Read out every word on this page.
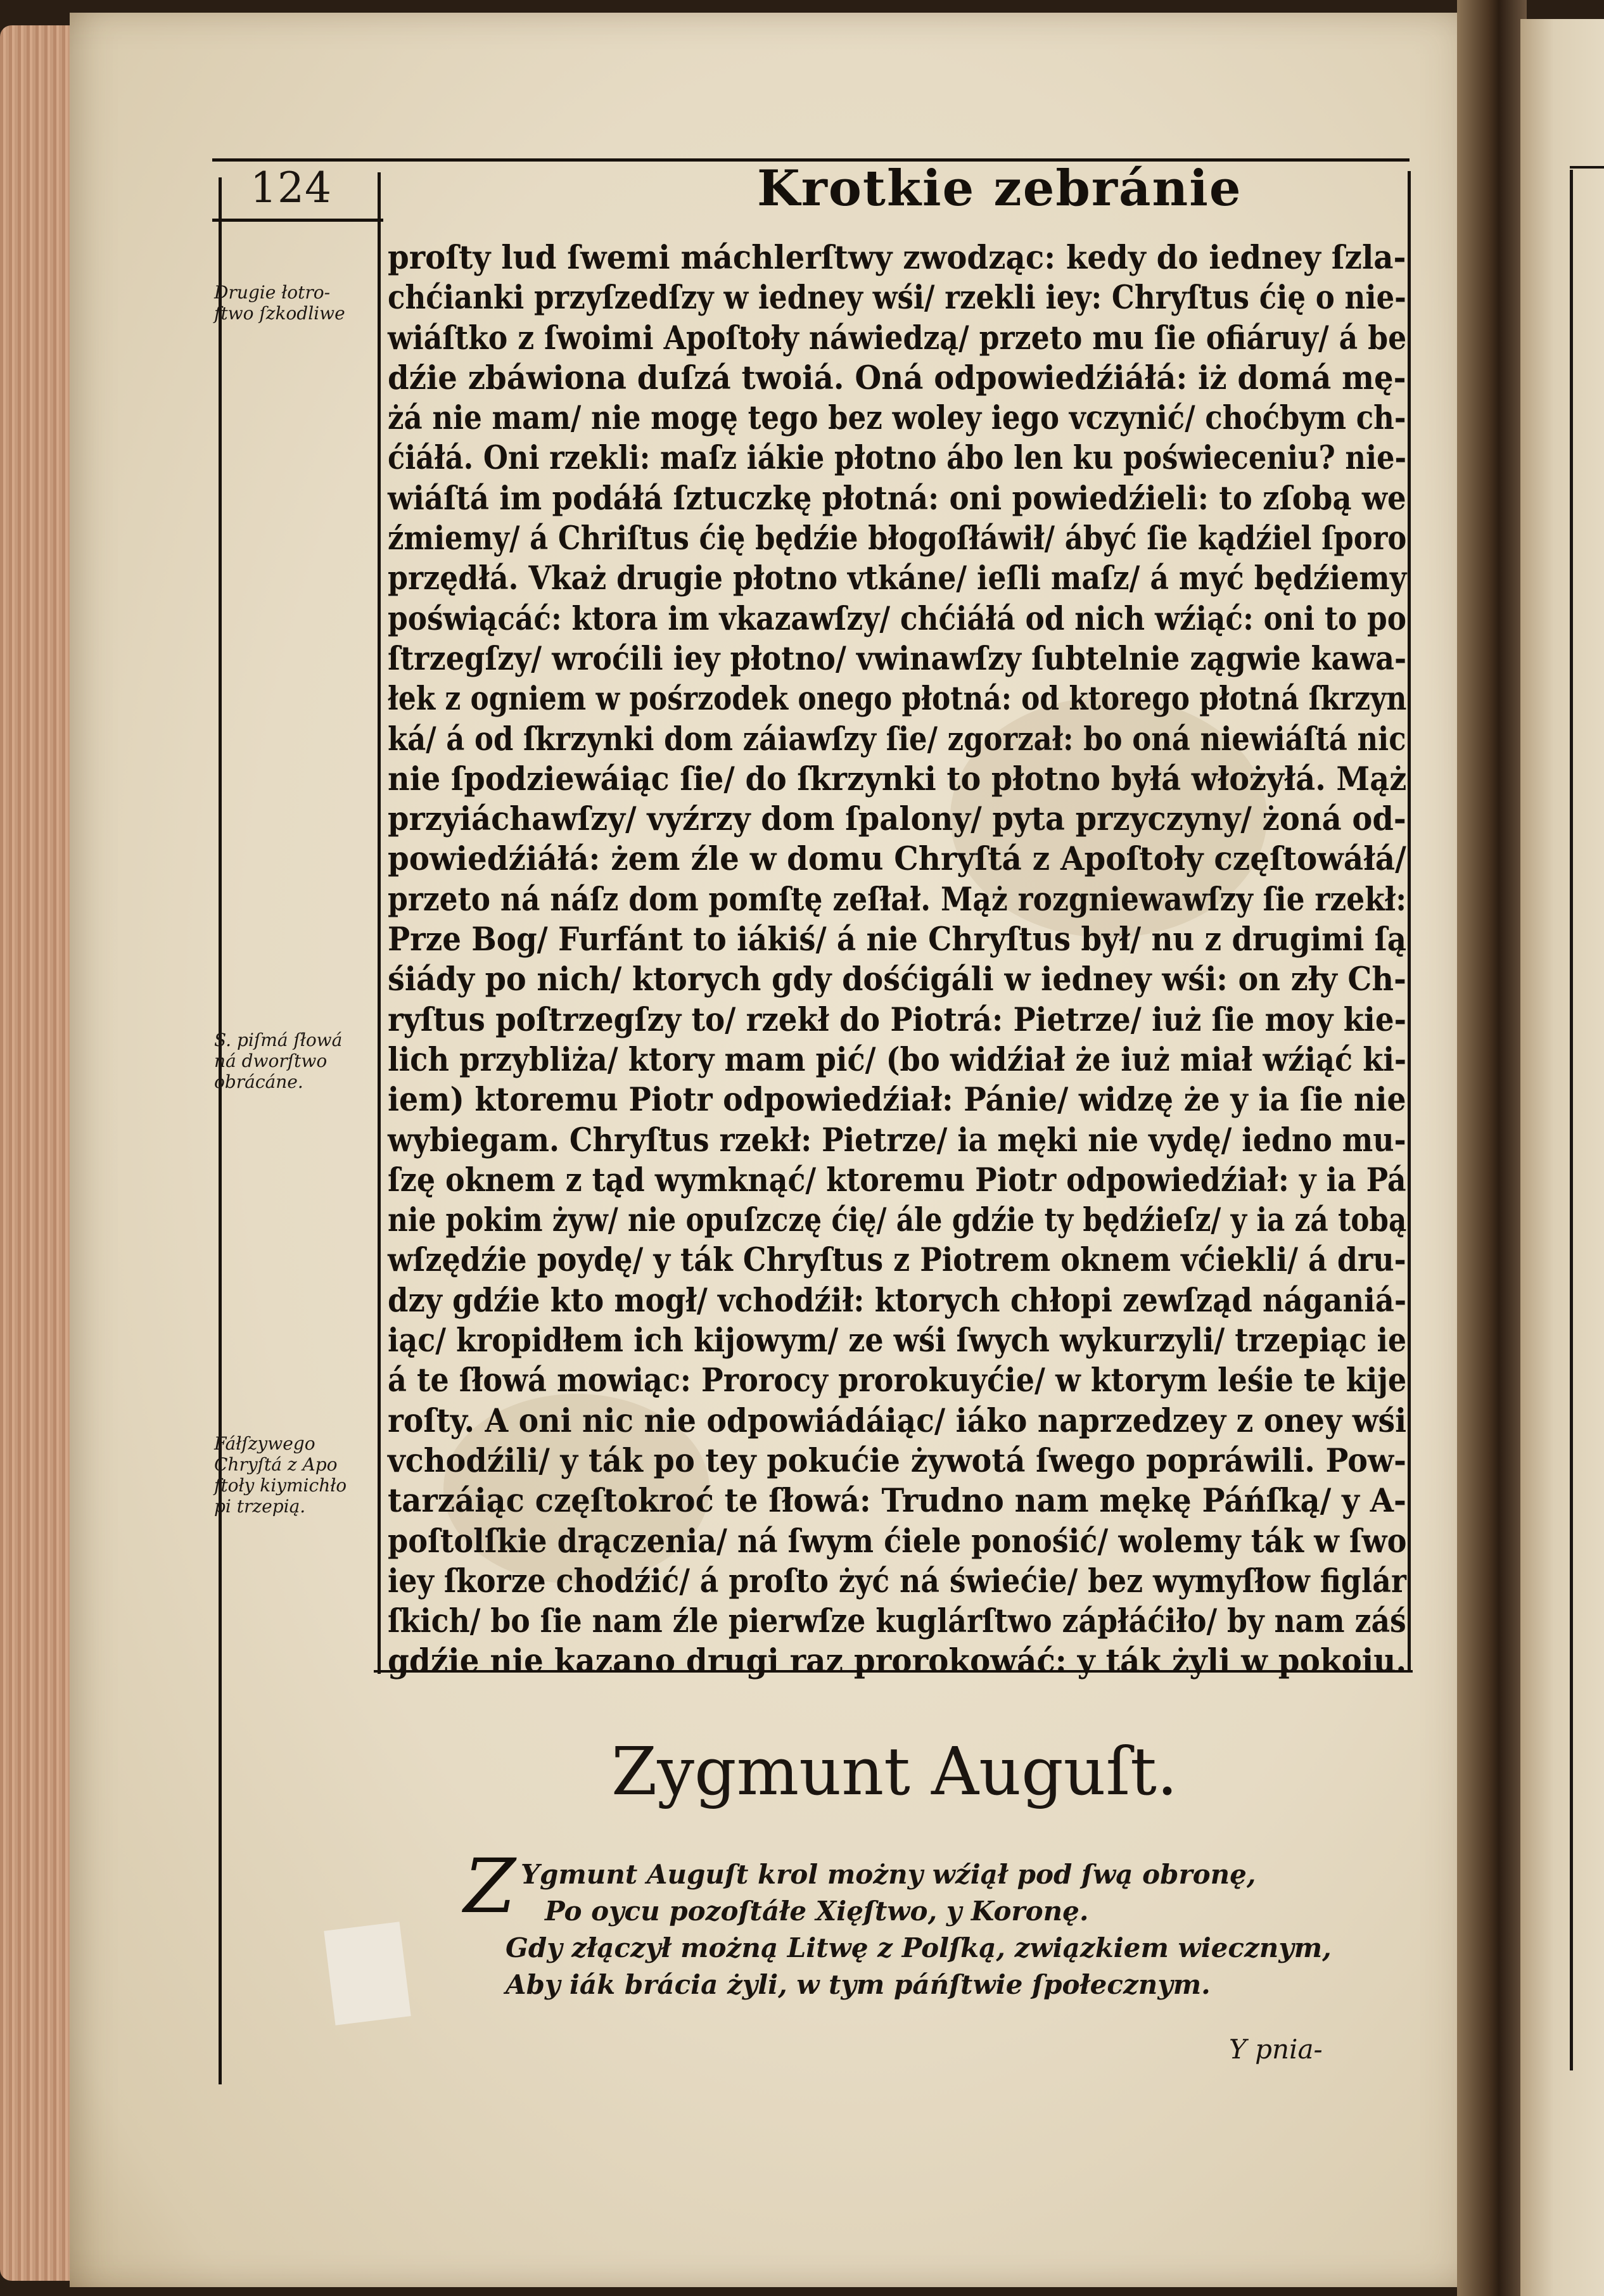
124	Krotkie zebránie
Drugie łotro-
ſtwo ſzkodliwe
S. piſmá ſłowá
ná dworſtwo
obrácáne.
Fáłſzywego
Chryſtá z Apo
ſtoły kiymichło
pi trzepią.
proſty lud ſwemi máchlerſtwy zwodząc: kedy do iedney ſzla-
chćianki przyſzedſzy w iedney wśi/ rzekli iey: Chryſtus ćię o nie-
wiáſtko z ſwoimi Apoſtoły náwiedzą/ przeto mu ſie ofiáruy/ á be
dźie zbáwiona duſzá twoiá. Oná odpowiedźiáłá: iż domá mę-
żá nie mam/ nie mogę tego bez woley iego vczynić/ choćbym ch-
ćiáłá. Oni rzekli: maſz iákie płotno ábo len ku poświeceniu? nie-
wiáſtá im podáłá ſztuczkę płotná: oni powiedźieli: to zſobą we
źmiemy/ á Chriſtus ćię będźie błogoſłáwił/ ábyć ſie kądźiel ſporo
przędłá. Vkaż drugie płotno vtkáne/ ieſli maſz/ á myć będźiemy
poświącáć: ktora im vkazawſzy/ chćiáłá od nich wźiąć: oni to po
ſtrzegſzy/ wroćili iey płotno/ vwinawſzy ſubtelnie zągwie kawa-
łek z ogniem w pośrzodek onego płotná: od ktorego płotná ſkrzyn
ká/ á od ſkrzynki dom záiawſzy ſie/ zgorzał: bo oná niewiáſtá nic
nie ſpodziewáiąc ſie/ do ſkrzynki to płotno byłá włożyłá. Mąż
przyiáchawſzy/ vyźrzy dom ſpalony/ pyta przyczyny/ żoná od-
powiedźiáłá: żem źle w domu Chryſtá z Apoſtoły częſtowáłá/
przeto ná náſz dom pomſtę zeſłał. Mąż rozgniewawſzy ſie rzekł:
Prze Bog/ Furfánt to iákiś/ á nie Chryſtus był/ nu z drugimi ſą
śiády po nich/ ktorych gdy dośćigáli w iedney wśi: on zły Ch-
ryſtus poſtrzegſzy to/ rzekł do Piotrá: Pietrze/ iuż ſie moy kie-
lich przybliża/ ktory mam pić/ (bo widźiał że iuż miał wźiąć ki-
iem) ktoremu Piotr odpowiedźiał: Pánie/ widzę że y ia ſie nie
wybiegam. Chryſtus rzekł: Pietrze/ ia męki nie vydę/ iedno mu-
ſzę oknem z tąd wymknąć/ ktoremu Piotr odpowiedźiał: y ia Pá
nie pokim żyw/ nie opuſzczę ćię/ ále gdźie ty będźieſz/ y ia zá tobą
wſzędźie poydę/ y ták Chryſtus z Piotrem oknem vćiekli/ á dru-
dzy gdźie kto mogł/ vchodźił: ktorych chłopi zewſząd náganiá-
iąc/ kropidłem ich kijowym/ ze wśi ſwych wykurzyli/ trzepiąc ie
á te ſłowá mowiąc: Prorocy prorokuyćie/ w ktorym leśie te kije
roſty. A oni nic nie odpowiádáiąc/ iáko naprzedzey z oney wśi
vchodźili/ y ták po tey pokućie żywotá ſwego popráwili. Pow-
tarzáiąc częſtokroć te ſłowá: Trudno nam mękę Páńſką/ y A-
poſtolſkie drączenia/ ná ſwym ćiele ponośić/ wolemy ták w ſwo
iey ſkorze chodźić/ á proſto żyć ná świećie/ bez wymyſłow figlár
ſkich/ bo ſie nam źle pierwſze kuglárſtwo zápłáćiło/ by nam záś
gdźie nie kazano drugi raz prorokowáć: y ták żyli w pokoiu.
Zygmunt Auguſt.
Z Ygmunt Auguſt krol możny wźiął pod ſwą obronę,
Po oycu pozoſtáłe Xięſtwo, y Koronę.
Gdy złączył możną Litwę z Polſką, związkiem wiecznym,
Aby iák brácia żyli, w tym páńſtwie ſpołecznym.
Y pnia-
